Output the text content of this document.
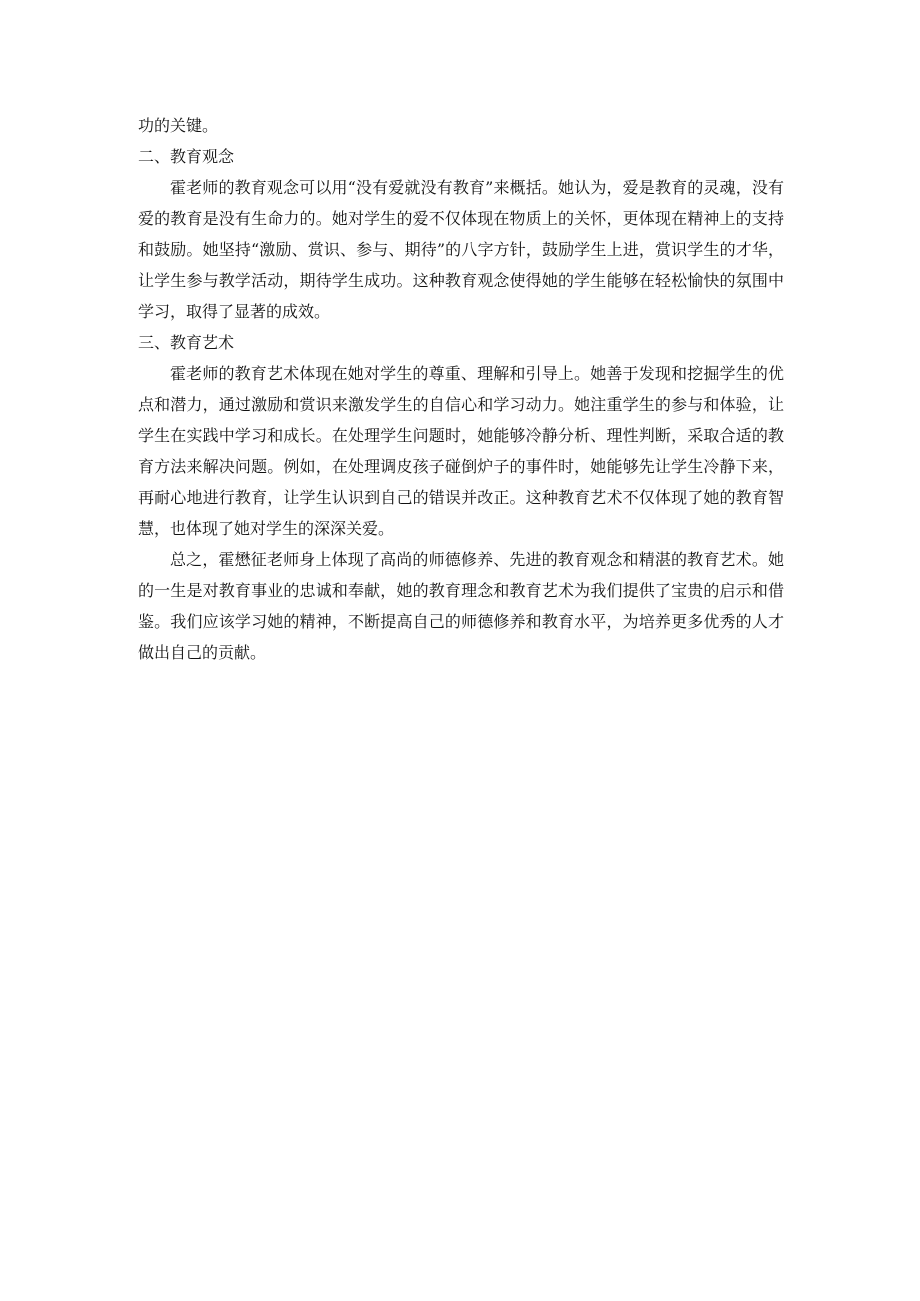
功的关键。

二、教育观念

霍老师的教育观念可以用“没有爱就没有教育”来概括。她认为，爱是教育的灵魂，没有爱的教育是没有生命力的。她对学生的爱不仅体现在物质上的关怀，更体现在精神上的支持和鼓励。她坚持“激励、赏识、参与、期待”的八字方针，鼓励学生上进，赏识学生的才华，让学生参与教学活动，期待学生成功。这种教育观念使得她的学生能够在轻松愉快的氛围中学习，取得了显著的成效。

三、教育艺术

霍老师的教育艺术体现在她对学生的尊重、理解和引导上。她善于发现和挖掘学生的优点和潜力，通过激励和赏识来激发学生的自信心和学习动力。她注重学生的参与和体验，让学生在实践中学习和成长。在处理学生问题时，她能够冷静分析、理性判断，采取合适的教育方法来解决问题。例如，在处理调皮孩子碰倒炉子的事件时，她能够先让学生冷静下来，再耐心地进行教育，让学生认识到自己的错误并改正。这种教育艺术不仅体现了她的教育智慧，也体现了她对学生的深深关爱。

总之，霍懋征老师身上体现了高尚的师德修养、先进的教育观念和精湛的教育艺术。她的一生是对教育事业的忠诚和奉献，她的教育理念和教育艺术为我们提供了宝贵的启示和借鉴。我们应该学习她的精神，不断提高自己的师德修养和教育水平，为培养更多优秀的人才做出自己的贡献。
